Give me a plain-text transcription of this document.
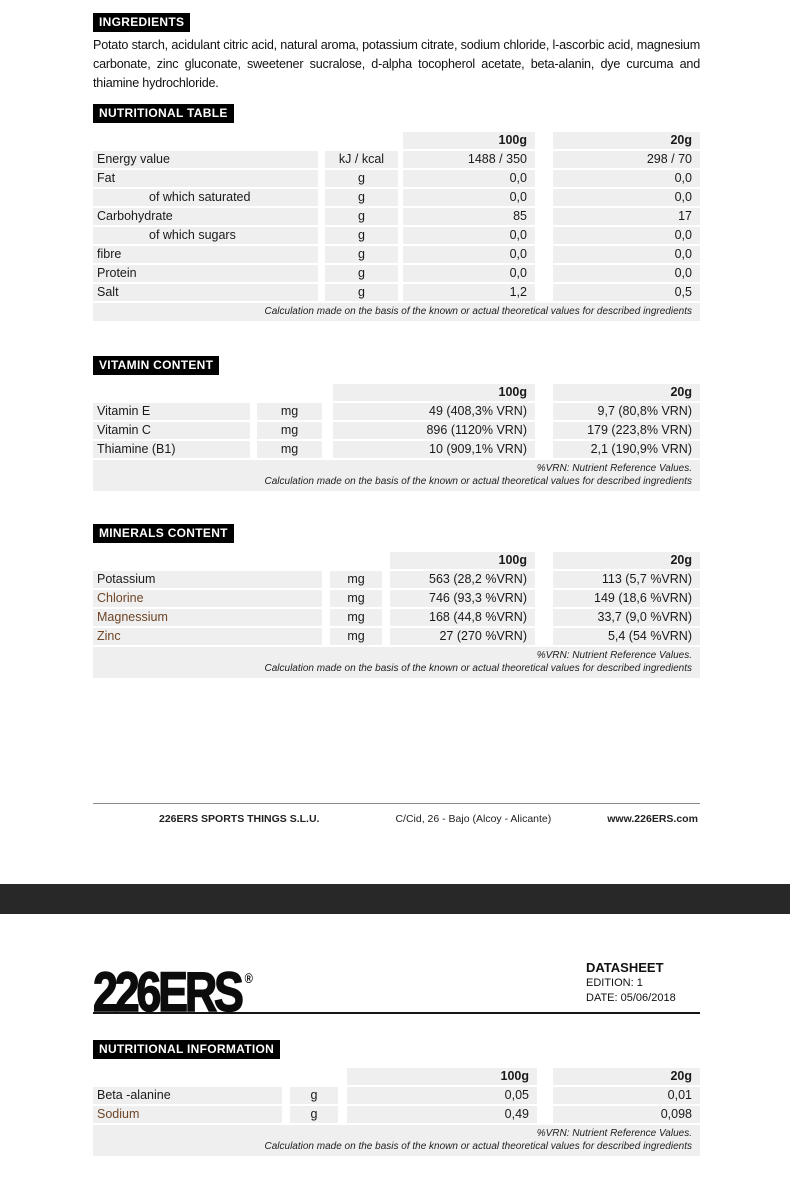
INGREDIENTS

Potato starch, acidulant citric acid, natural aroma, potassium citrate, sodium chloride, l-ascorbic acid, magnesium carbonate, zinc gluconate, sweetener sucralose, d-alpha tocopherol acetate, beta-alanin, dye curcuma and thiamine hydrochloride.

NUTRITIONAL TABLE
100g	20g
Energy value	kJ / kcal	1488 / 350	298 / 70
Fat	g	0,0	0,0
of which saturated	g	0,0	0,0
Carbohydrate	g	85	17
of which sugars	g	0,0	0,0
fibre	g	0,0	0,0
Protein	g	0,0	0,0
Salt	g	1,2	0,5
Calculation made on the basis of the known or actual theoretical values for described ingredients
VITAMIN CONTENT
100g	20g
Vitamin E	mg	49 (408,3% VRN)	9,7 (80,8% VRN)
Vitamin C	mg	896 (1120% VRN)	179 (223,8% VRN)
Thiamine (B1)	mg	10 (909,1% VRN)	2,1 (190,9% VRN)
%VRN: Nutrient Reference Values.
Calculation made on the basis of the known or actual theoretical values for described ingredients
MINERALS CONTENT
100g	20g
Potassium	mg	563 (28,2 %VRN)	113 (5,7 %VRN)
Chlorine	mg	746 (93,3 %VRN)	149 (18,6 %VRN)
Magnessium	mg	168 (44,8 %VRN)	33,7 (9,0 %VRN)
Zinc	mg	27 (270 %VRN)	5,4 (54 %VRN)
%VRN: Nutrient Reference Values.
Calculation made on the basis of the known or actual theoretical values for described ingredients
226ERS SPORTS THINGS S.L.U.	C/Cid, 26 - Bajo (Alcoy - Alicante)	www.226ERS.com
226ERS ®
DATASHEET
EDITION: 1
DATE: 05/06/2018
NUTRITIONAL INFORMATION
100g	20g
Beta -alanine	g	0,05	0,01
Sodium	g	0,49	0,098
%VRN: Nutrient Reference Values.
Calculation made on the basis of the known or actual theoretical values for described ingredients
